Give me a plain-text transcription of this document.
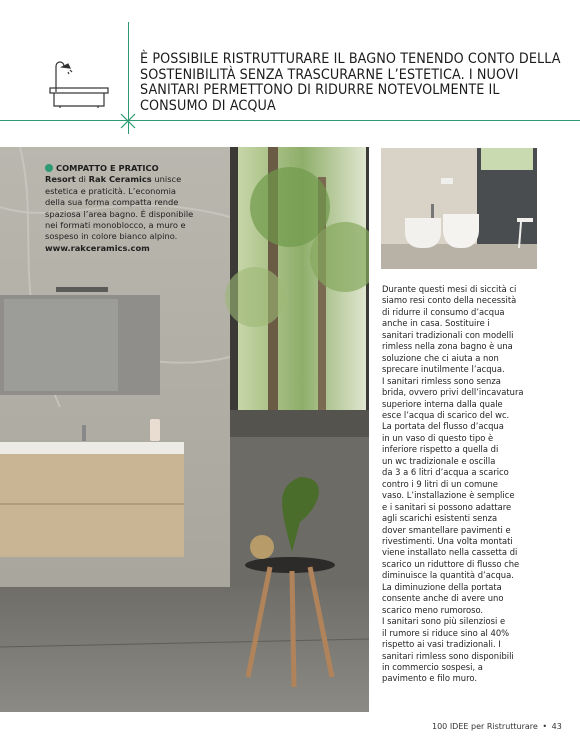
È POSSIBILE RISTRUTTURARE IL BAGNO TENENDO CONTO DELLA SOSTENIBILITÀ SENZA TRASCURARNE L’ESTETICA. I NUOVI SANITARI PERMETTONO DI RIDURRE NOTEVOLMENTE IL CONSUMO DI ACQUA
COMPATTO E PRATICO
Resort di Rak Ceramics unisce estetica e praticità. L’economia della sua forma compatta rende spaziosa l’area bagno. È disponibile nei formati monoblocco, a muro e sospeso in colore bianco alpino.
www.rakceramics.com

Durante questi mesi di siccità ci
siamo resi conto della necessità
di ridurre il consumo d’acqua
anche in casa. Sostituire i
sanitari tradizionali con modelli
rimless nella zona bagno è una
soluzione che ci aiuta a non
sprecare inutilmente l’acqua.
I sanitari rimless sono senza
brida, ovvero privi dell’incavatura
superiore interna dalla quale
esce l’acqua di scarico del wc.
La portata del flusso d’acqua
in un vaso di questo tipo è
inferiore rispetto a quella di
un wc tradizionale e oscilla
da 3 a 6 litri d’acqua a scarico
contro i 9 litri di un comune
vaso. L’installazione è semplice
e i sanitari si possono adattare
agli scarichi esistenti senza
dover smantellare pavimenti e
rivestimenti. Una volta montati
viene installato nella cassetta di
scarico un riduttore di flusso che
diminuisce la quantità d’acqua.
La diminuzione della portata
consente anche di avere uno
scarico meno rumoroso.
I sanitari sono più silenziosi e
il rumore si riduce sino al 40%
rispetto ai vasi tradizionali. I
sanitari rimless sono disponibili
in commercio sospesi, a
pavimento e filo muro.

100 IDEE per Ristrutturare • 43
